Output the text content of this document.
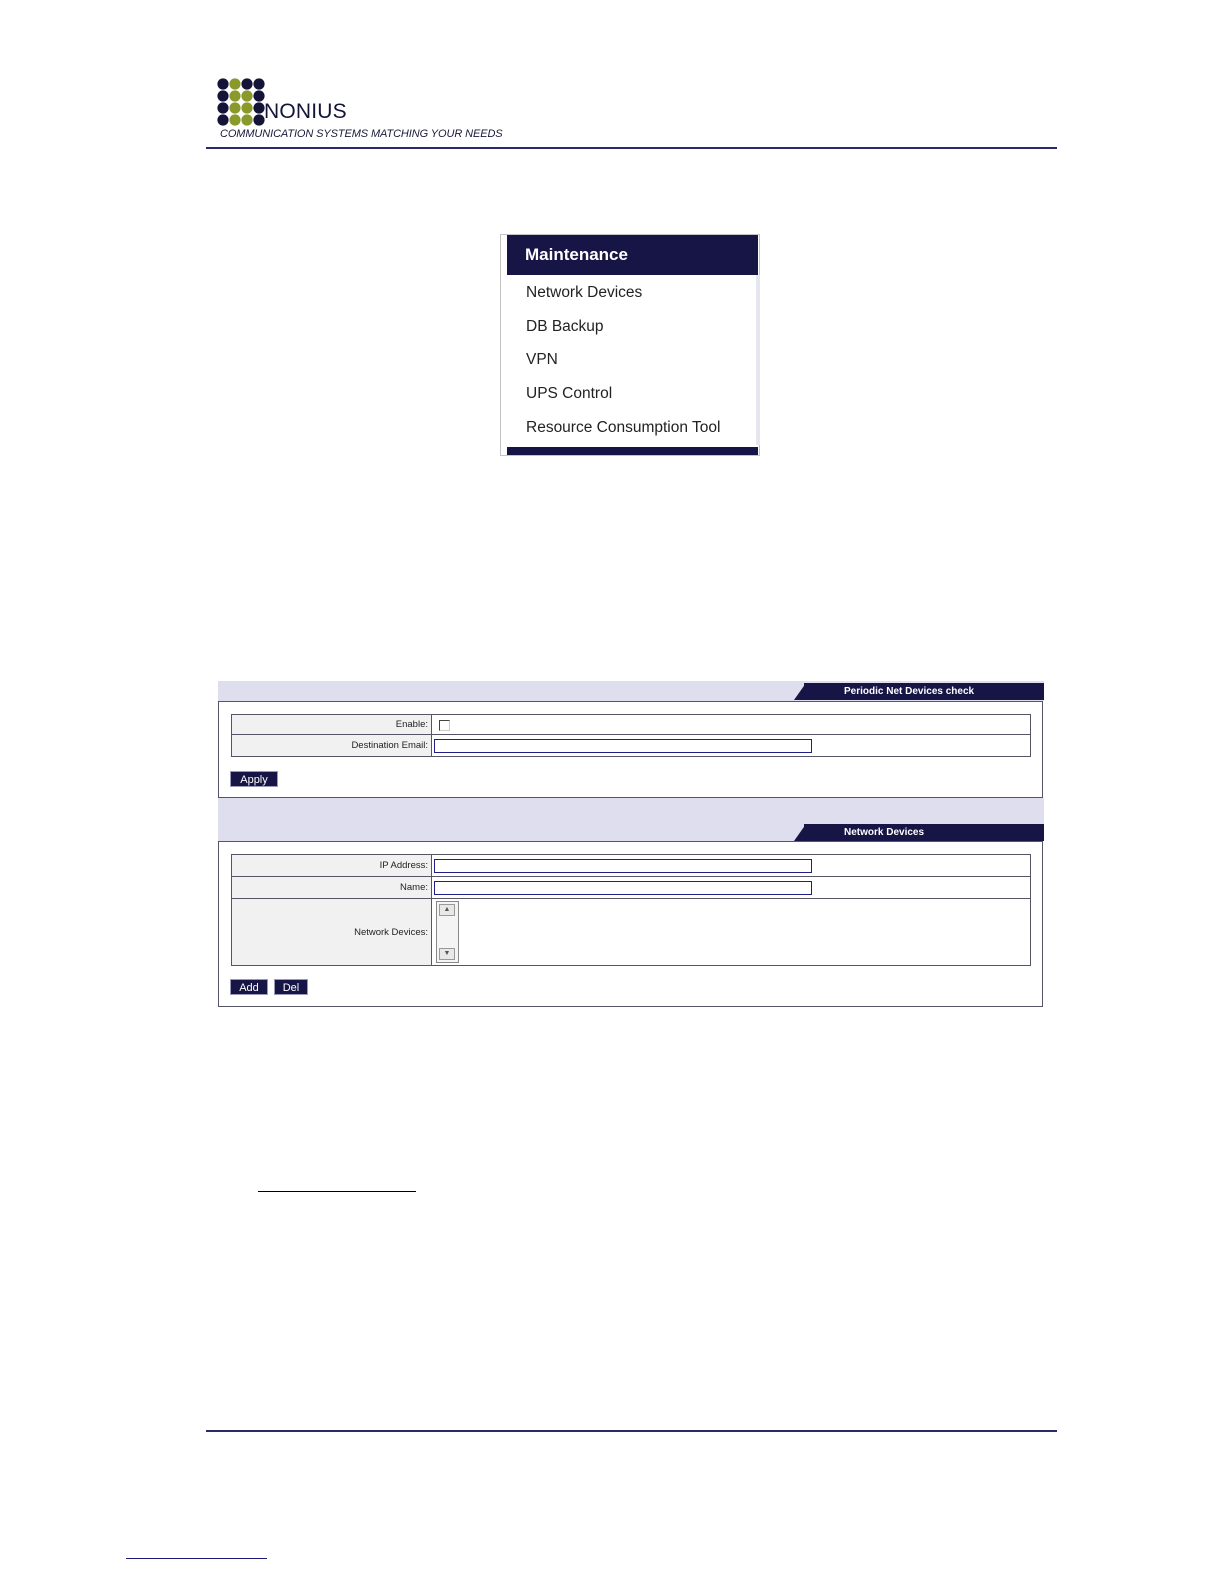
NONIUS
COMMUNICATION SYSTEMS MATCHING YOUR NEEDS
Maintenance
Network Devices
DB Backup
VPN
UPS Control
Resource Consumption Tool
Periodic Net Devices check
Enable:	
Destination Email:	
Apply
Network Devices
IP Address:	

Name:	

Network Devices:	▲
▼
Add	Del
